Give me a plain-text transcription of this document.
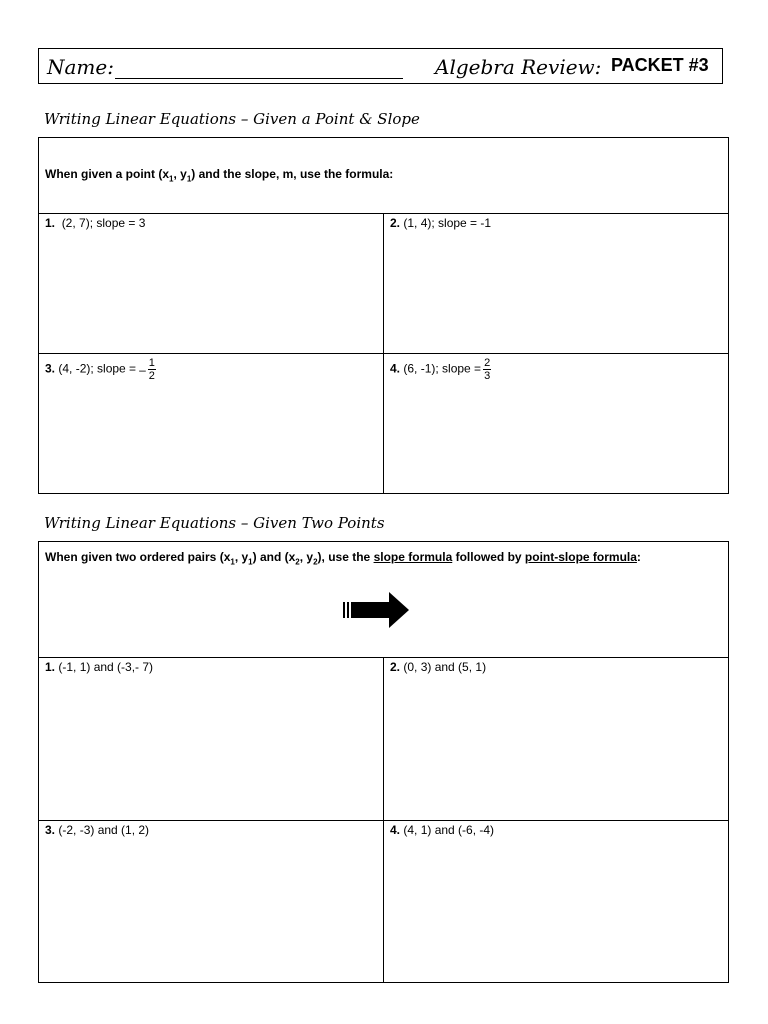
Name:	Algebra Review: PACKET #3
Writing Linear Equations – Given a Point & Slope
When given a point ($x_1$, $y_1$) and the slope, m, use the formula:
1. (2, 7); slope = 3	2. (1, 4); slope = -1
3. (4, -2); slope = – $\frac{1}{2}$	4. (6, -1); slope = $\frac{2}{3}$
Writing Linear Equations – Given Two Points
When given two ordered pairs ($x_1$, $y_1$) and ($x_2$, $y_2$), use the slope formula followed by point-slope formula:
1. (-1, 1) and (-3,- 7)	2. (0, 3) and (5, 1)
3. (-2, -3) and (1, 2)	4. (4, 1) and (-6, -4)
